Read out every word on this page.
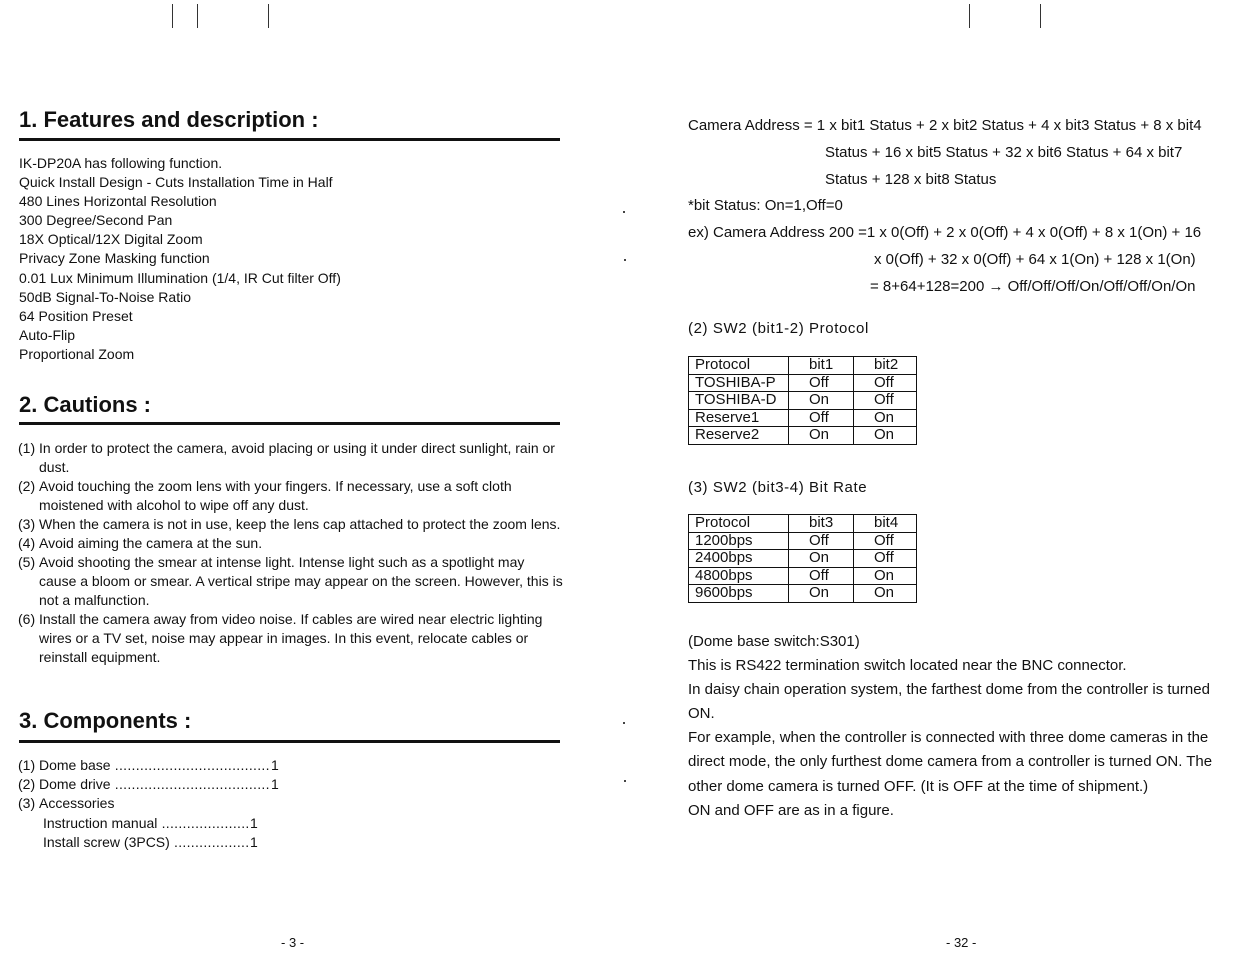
1. Features and description :
IK-DP20A has following function.
Quick Install Design - Cuts Installation Time in Half
480 Lines Horizontal Resolution
300 Degree/Second Pan
18X Optical/12X Digital Zoom
Privacy Zone Masking function
0.01 Lux Minimum Illumination (1/4, IR Cut filter Off)
50dB Signal-To-Noise Ratio
64 Position Preset
Auto-Flip
Proportional Zoom
2. Cautions :
3. Components :
- 3 -
(1) In order to protect the camera, avoid placing or using it under direct sunlight, rain or dust.
(2) Avoid touching the zoom lens with your fingers. If necessary, use a soft cloth moistened with alcohol to wipe off any dust.
(3) When the camera is not in use, keep the lens cap attached to protect the zoom lens.
(4) Avoid aiming the camera at the sun.
(5) Avoid shooting the smear at intense light. Intense light such as a spotlight may cause a bloom or smear. A vertical stripe may appear on the screen. However, this is not a malfunction.
(6) Install the camera away from video noise. If cables are wired near electric lighting wires or a TV set, noise may appear in images. In this event, relocate cables or reinstall equipment.
(1) Dome base .....	1
(2) Dome drive .....	1
(3) Accessories
Instruction manual .....	1
Install screw (3PCS) .....	1
Camera Address = 1 x bit1 Status + 2 x bit2 Status + 4 x bit3 Status + 8 x bit4
Status + 16 x bit5 Status + 32 x bit6 Status + 64 x bit7
Status + 128 x bit8 Status
*bit Status: On=1,Off=0
ex) Camera Address 200 =1 x 0(Off) + 2 x 0(Off) + 4 x 0(Off) + 8 x 1(On) + 16
x 0(Off) + 32 x 0(Off) + 64 x 1(On) + 128 x 1(On)
= 8+64+128=200 → Off/Off/Off/On/Off/Off/On/On
(2) SW2 (bit1-2) Protocol
Protocol	bit1	bit2
TOSHIBA-P	Off	Off
TOSHIBA-D	On	Off
Reserve1	Off	On
Reserve2	On	On
(3) SW2 (bit3-4) Bit Rate
Protocol	bit3	bit4
1200bps	Off	Off
2400bps	On	Off
4800bps	Off	On
9600bps	On	On
(Dome base switch:S301)
This is RS422 termination switch located near the BNC connector.
In daisy chain operation system, the farthest dome from the controller is turned ON.
For example, when the controller is connected with three dome cameras in the direct mode, the only furthest dome camera from a controller is turned ON. The other dome camera is turned OFF. (It is OFF at the time of shipment.)
ON and OFF are as in a figure.
- 32 -
